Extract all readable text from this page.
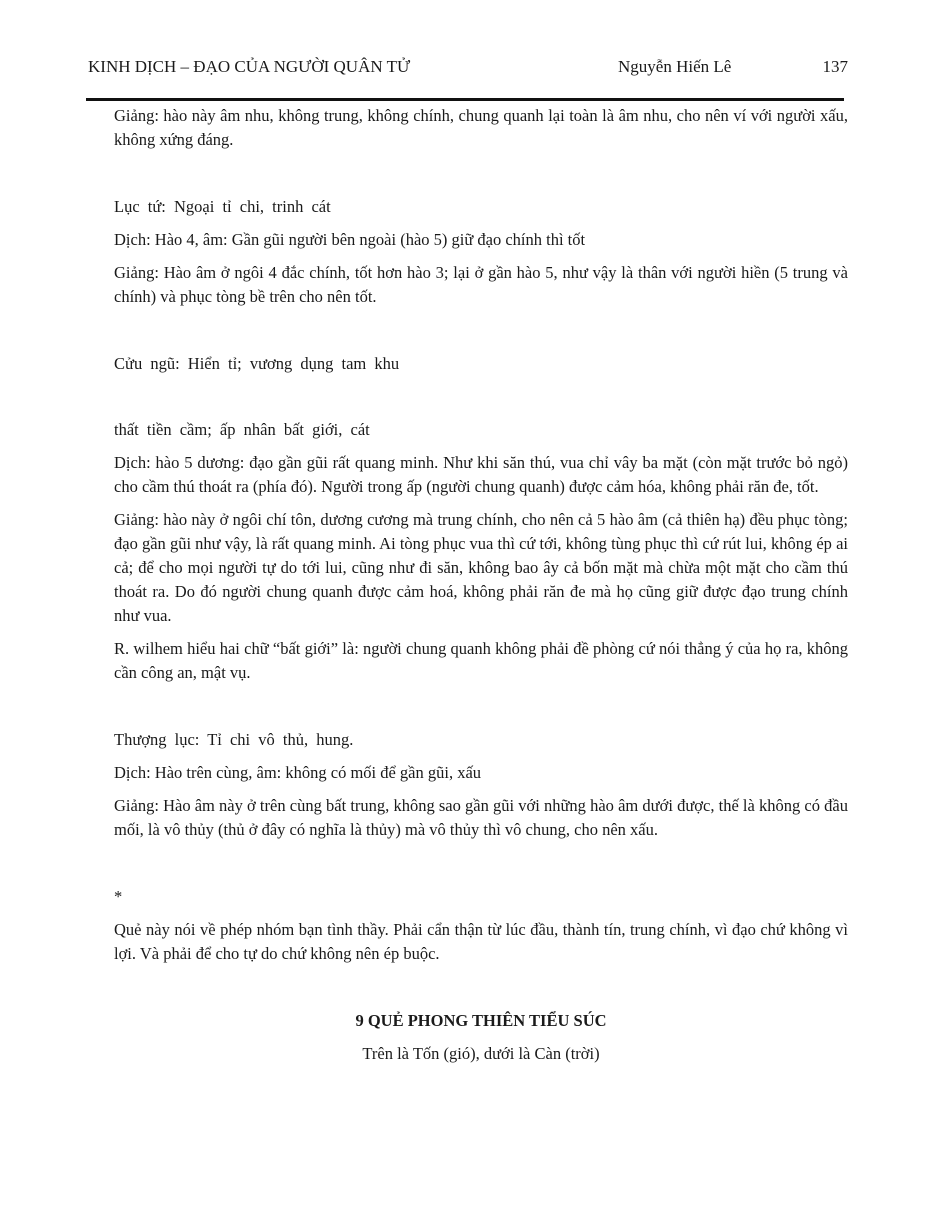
KINH DỊCH – ĐẠO CỦA NGƯỜI QUÂN TỬ	Nguyễn Hiến Lê	137

Giảng: hào này âm nhu, không trung, không chính, chung quanh lại toàn là âm nhu, cho nên ví với người xấu, không xứng đáng.

Lục tứ: Ngoại tỉ chi, trinh cát

Dịch: Hào 4, âm: Gần gũi người bên ngoài (hào 5) giữ đạo chính thì tốt

Giảng: Hào âm ở ngôi 4 đắc chính, tốt hơn hào 3; lại ở gần hào 5, như vậy là thân với người hiền (5 trung và chính) và phục tòng bề trên cho nên tốt.

Cửu ngũ: Hiển tỉ; vương dụng tam khu

thất tiền cầm; ấp nhân bất giới, cát

Dịch: hào 5 dương: đạo gần gũi rất quang minh. Như khi săn thú, vua chỉ vây ba mặt (còn mặt trước bỏ ngỏ) cho cầm thú thoát ra (phía đó). Người trong ấp (người chung quanh) được cảm hóa, không phải răn đe, tốt.

Giảng: hào này ở ngôi chí tôn, dương cương mà trung chính, cho nên cả 5 hào âm (cả thiên hạ) đều phục tòng; đạo gần gũi như vậy, là rất quang minh. Ai tòng phục vua thì cứ tới, không tùng phục thì cứ rút lui, không ép ai cả; để cho mọi người tự do tới lui, cũng như đi săn, không bao ây cả bốn mặt mà chừa một mặt cho cầm thú thoát ra. Do đó người chung quanh được cảm hoá, không phải răn đe mà họ cũng giữ được đạo trung chính như vua.

R. wilhem hiểu hai chữ “bất giới” là: người chung quanh không phải đề phòng cứ nói thẳng ý của họ ra, không cần công an, mật vụ.

Thượng lục: Tỉ chi vô thủ, hung.

Dịch: Hào trên cùng, âm: không có mối để gần gũi, xấu

Giảng: Hào âm này ở trên cùng bất trung, không sao gần gũi với những hào âm dưới được, thế là không có đầu mối, là vô thủy (thủ ở đây có nghĩa là thủy) mà vô thủy thì vô chung, cho nên xấu.

*

Quẻ này nói về phép nhóm bạn tình thầy. Phải cẩn thận từ lúc đầu, thành tín, trung chính, vì đạo chứ không vì lợi. Và phải để cho tự do chứ không nên ép buộc.

9 QUẺ PHONG THIÊN TIỂU SÚC

Trên là Tốn (gió), dưới là Càn (trời)
